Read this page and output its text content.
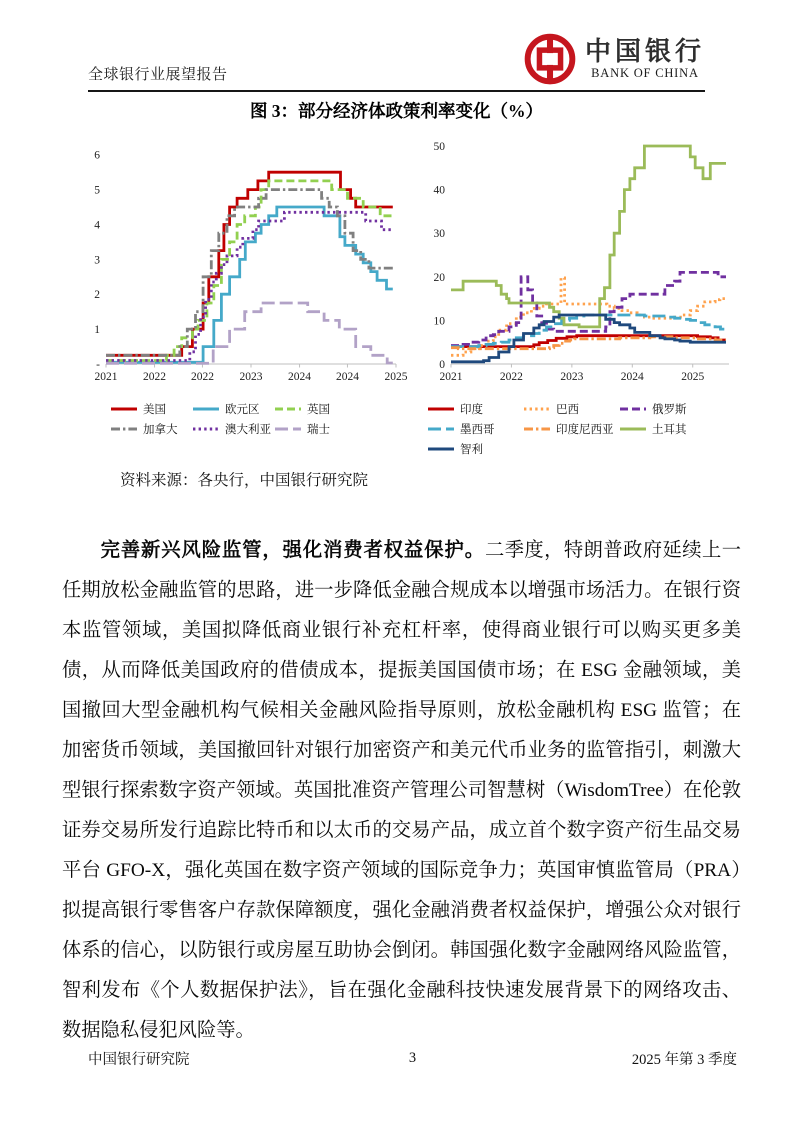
全球银行业展望报告
中国银行
BANK OF CHINA
图 3：部分经济体政策利率变化（%）
2021 2022 2022 2023 2024 2024 2025
6
5
4
3
2
1
-
美国	欧元区	英国
加拿大	澳大利亚	瑞士
2021	2022	2023	2024	2025
50
40
30
20
10
0
印度	巴西	俄罗斯
墨西哥	印度尼西亚	土耳其
智利
资料来源：各央行，中国银行研究院

完善新兴风险监管，强化消费者权益保护。二季度，特朗普政府延续上一任期放松金融监管的思路，进一步降低金融合规成本以增强市场活力。在银行资本监管领域，美国拟降低商业银行补充杠杆率，使得商业银行可以购买更多美债，从而降低美国政府的借债成本，提振美国国债市场；在 ESG 金融领域，美国撤回大型金融机构气候相关金融风险指导原则，放松金融机构 ESG 监管；在加密货币领域，美国撤回针对银行加密资产和美元代币业务的监管指引，刺激大型银行探索数字资产领域。英国批准资产管理公司智慧树（WisdomTree）在伦敦证券交易所发行追踪比特币和以太币的交易产品，成立首个数字资产衍生品交易平台 GFO-X，强化英国在数字资产领域的国际竞争力；英国审慎监管局（PRA）拟提高银行零售客户存款保障额度，强化金融消费者权益保护，增强公众对银行体系的信心，以防银行或房屋互助协会倒闭。韩国强化数字金融网络风险监管，智利发布《个人数据保护法》，旨在强化金融科技快速发展背景下的网络攻击、数据隐私侵犯风险等。

中国银行研究院	3	2025 年第 3 季度
